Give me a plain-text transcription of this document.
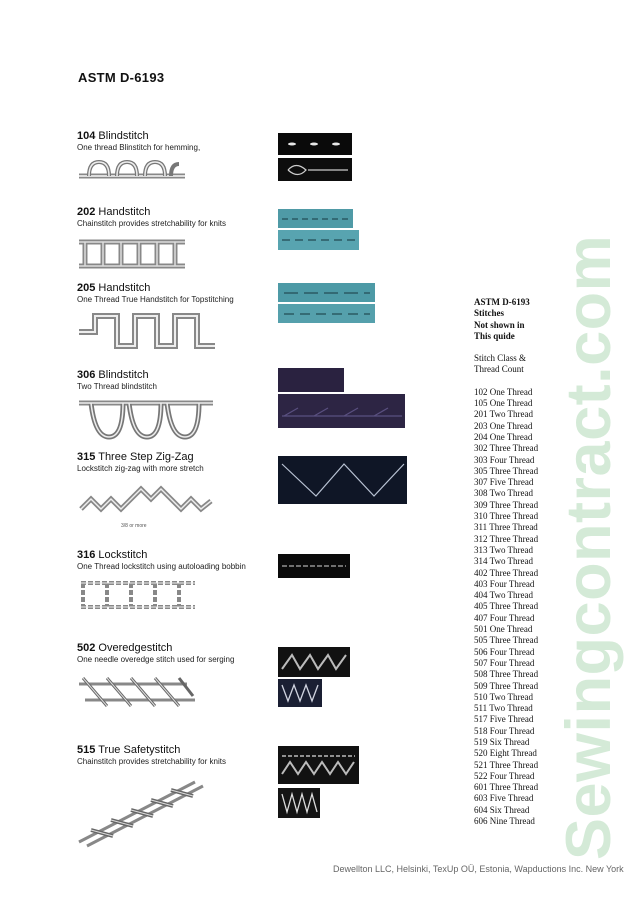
ASTM D-6193
104 Blindstitch
One thread Blinstitch for hemming,
202 Handstitch
Chainstitch provides stretchability for knits
205 Handstitch
One Thread True Handstitch for Topstitching
306 Blindstitch
Two Thread blindstitch
315 Three Step Zig-Zag
Lockstitch zig-zag with more stretch
3/8 or more
316 Lockstitch
One Thread lockstitch using autoloading bobbin
502 Overedgestitch
One needle overedge stitch used for serging
515 True Safetystitch
Chainstitch provides stretchability for knits
ASTM D-6193
Stitches
Not shown in
This quide
Stitch Class &
Thread Count
102 One Thread
105 One Thread
201 Two Thread
203 One Thread
204 One Thread
302 Three Thread
303 Four Thread
305 Three Thread
307 Five Thread
308 Two Thread
309 Three Thread
310 Three Thread
311 Three Thread
312 Three Thread
313 Two Thread
314 Two Thread
402 Three Thread
403 Four Thread
404 Two Thread
405 Three Thread
407 Four Thread
501 One Thread
505 Three Thread
506 Four Thread
507 Four Thread
508 Three Thread
509 Three Thread
510 Two Thread
511 Two Thread
517 Five Thread
518 Four Thread
519 Six Thread
520 Eight Thread
521 Three Thread
522 Four Thread
601 Three Thread
603 Five Thread
604 Six Thread
606 Nine Thread Sewingcontract.com
Dewellton LLC, Helsinki, TexUp OÜ, Estonia, Wapductions Inc. New York
